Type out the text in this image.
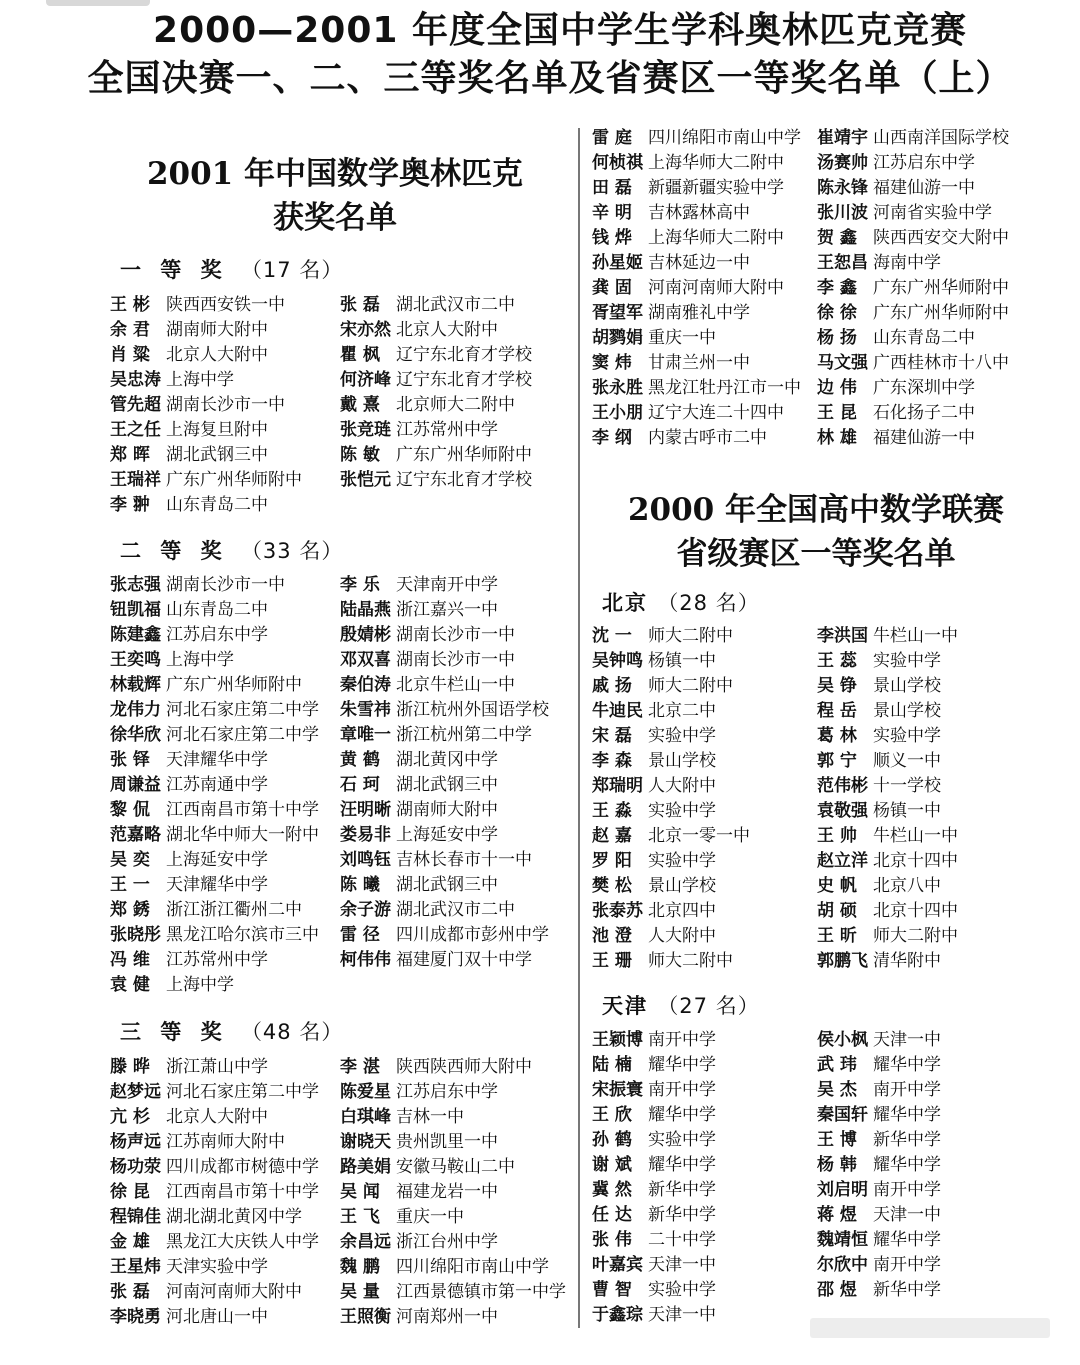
2000—2001 年度全国中学生学科奥林匹克竞赛
全国决赛一、二、三等奖名单及省赛区一等奖名单（上）
2001 年中国数学奥林匹克
获奖名单
一 等 奖 （17 名）
王 彬 陕西西安铁一中	张 磊 湖北武汉市二中
余 君 湖南师大附中	宋亦然 北京人大附中
肖 粱 北京人大附中	瞿 枫 辽宁东北育才学校
吴忠涛 上海中学	何济峰 辽宁东北育才学校
管先超 湖南长沙市一中	戴 熹 北京师大二附中
王之任 上海复旦附中	张竞琏 江苏常州中学
郑 晖 湖北武钢三中	陈 敏 广东广州华师附中
王瑞祥 广东广州华师附中	张恺元 辽宁东北育才学校
李 翀 山东青岛二中
二 等 奖 （33 名）
张志强 湖南长沙市一中	李 乐 天津南开中学
钮凯福 山东青岛二中	陆晶燕 浙江嘉兴一中
陈建鑫 江苏启东中学	殷婧彬 湖南长沙市一中
王奕鸣 上海中学	邓双喜 湖南长沙市一中
林载辉 广东广州华师附中	秦伯涛 北京牛栏山一中
龙伟力 河北石家庄第二中学	朱雪祎 浙江杭州外国语学校
徐华欣 河北石家庄第二中学	章唯一 浙江杭州第二中学
张 铎 天津耀华中学	黄 鹤 湖北黄冈中学
周谦益 江苏南通中学	石 珂 湖北武钢三中
黎 侃 江西南昌市第十中学	汪明晰 湖南师大附中
范嘉略 湖北华中师大一附中	娄易非 上海延安中学
吴 奕 上海延安中学	刘鸣钰 吉林长春市十一中
王 一 天津耀华中学	陈 曦 湖北武钢三中
郑 銹 浙江浙江衢州二中	余子游 湖北武汉市二中
张晓彤 黑龙江哈尔滨市三中	雷 径 四川成都市彭州中学
冯 维 江苏常州中学	柯伟伟 福建厦门双十中学
袁 健 上海中学
三 等 奖 （48 名）
滕 晔 浙江萧山中学	李 湛 陕西陕西师大附中
赵梦远 河北石家庄第二中学	陈爱星 江苏启东中学
亢 杉 北京人大附中	白琪峰 吉林一中
杨声远 江苏南师大附中	谢晓天 贵州凯里一中
杨功荥 四川成都市树德中学	路美娟 安徽马鞍山二中
徐 昆 江西南昌市第十中学	吴 闻 福建龙岩一中
程锦佳 湖北湖北黄冈中学	王 飞 重庆一中
金 雄 黑龙江大庆铁人中学	余昌远 浙江台州中学
王星炜 天津实验中学	魏 鹏 四川绵阳市南山中学
张 磊 河南河南师大附中	吴 量 江西景德镇市第一中学
李晓勇 河北唐山一中	王照衡 河南郑州一中
雷 庭 四川绵阳市南山中学 崔靖宇 山西南洋国际学校
何桢祺 上海华师大二附中	汤赛帅 江苏启东中学
田 磊 新疆新疆实验中学	陈永锋 福建仙游一中
辛 明 吉林露林高中	张川波 河南省实验中学
钱 烨 上海华师大二附中	贺 鑫 陕西西安交大附中
孙星姬 吉林延边一中	王恕昌 海南中学
龚 固 河南河南师大附中	李 鑫 广东广州华师附中
胥望军 湖南雅礼中学	徐 徐 广东广州华师附中
胡鹨娟 重庆一中	杨 扬 山东青岛二中
窦 炜 甘肃兰州一中	马文强 广西桂林市十八中
张永胜 黑龙江牡丹江市一中 边 伟 广东深圳中学
王小朋 辽宁大连二十四中	王 昆 石化扬子二中
李 纲 内蒙古呼市二中	林 雄 福建仙游一中
2000 年全国高中数学联赛
省级赛区一等奖名单
北京 （28 名）
沈 一 师大二附中	李洪国 牛栏山一中
吴钟鸣 杨镇一中	王 蕊 实验中学
戚 扬 师大二附中	吴 铮 景山学校
牛迪民 北京二中	程 岳 景山学校
宋 磊 实验中学	葛 林 实验中学
李 森 景山学校	郭 宁 顺义一中
郑瑞明 人大附中	范伟彬 十一学校
王 淼 实验中学	袁敬强 杨镇一中
赵 嘉 北京一零一中	王 帅 牛栏山一中
罗 阳 实验中学	赵立洋 北京十四中
樊 松 景山学校	史 帆 北京八中
张泰苏 北京四中	胡 硕 北京十四中
池 澄 人大附中	王 昕 师大二附中
王 珊 师大二附中	郭鹏飞 清华附中
天津 （27 名）
王颖博 南开中学	侯小枫 天津一中
陆 楠 耀华中学	武 玮 耀华中学
宋振寰 南开中学	吴 杰 南开中学
王 欣 耀华中学	秦国轩 耀华中学
孙 鹤 实验中学	王 博 新华中学
谢 斌 耀华中学	杨 韩 耀华中学
冀 然 新华中学	刘启明 南开中学
任 达 新华中学	蒋 煜 天津一中
张 伟 二十中学	魏靖恒 耀华中学
叶嘉宾 天津一中	尔欣中 南开中学
曹 智 实验中学	邵 煜 新华中学
于鑫琮 天津一中
